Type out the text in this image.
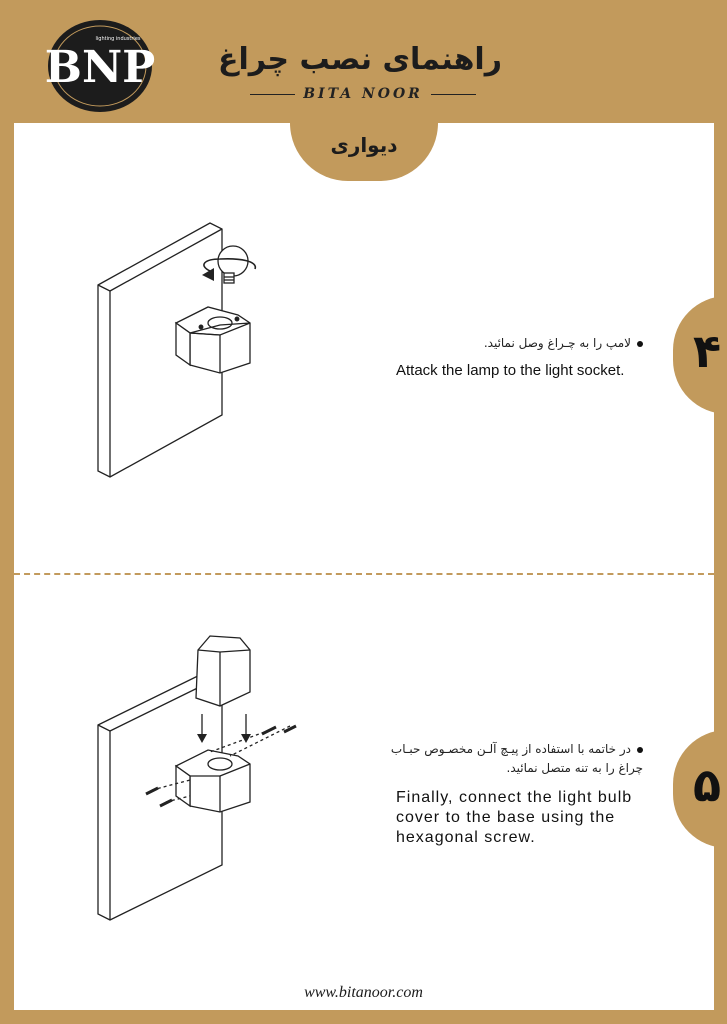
BNP
lighting industries
راهنمای نصب چراغ
BITA NOOR
دیواری
۴
لامپ را به چـراغ وصل نمائید.
Attack the lamp to the light socket.
۵
در خاتمه با استفاده از پیـچ آلـن مخصـوص حبـاب چراغ را به تنه متصل نمائید.
Finally, connect the light bulb cover to the base using the hexagonal screw.
www.bitanoor.com
